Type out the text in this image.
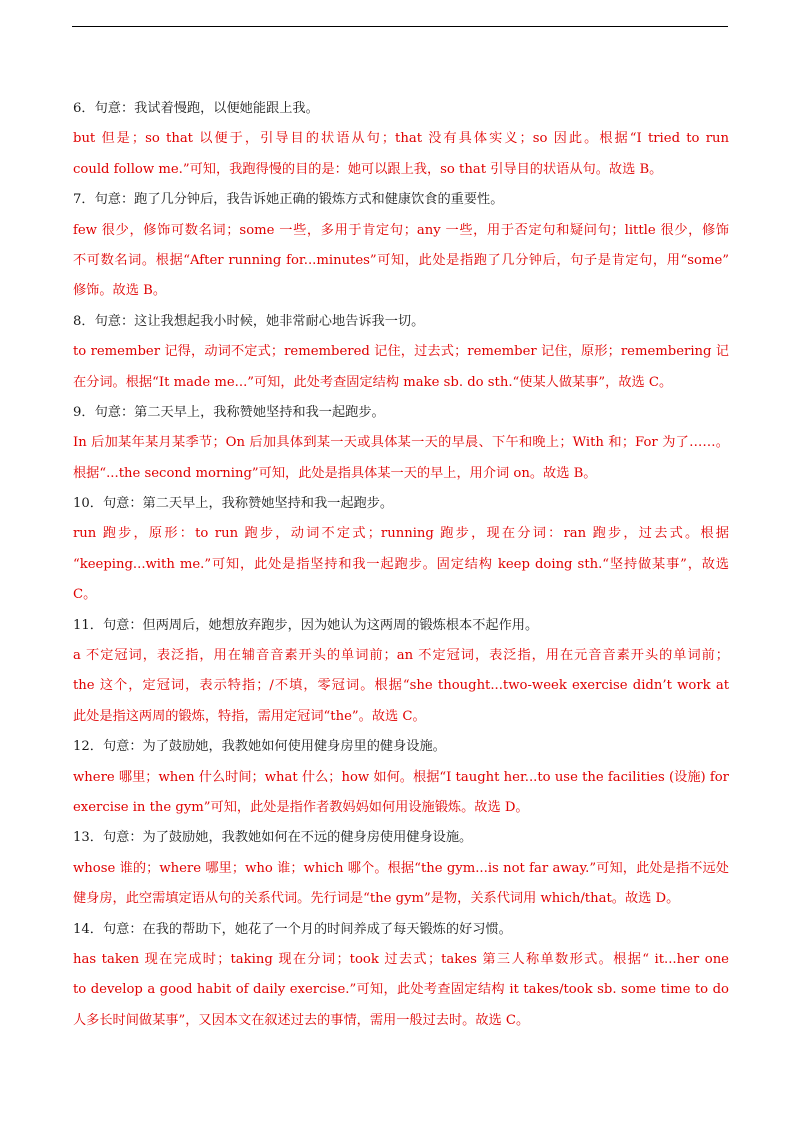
6．句意：我试着慢跑，以便她能跟上我。
but 但是；so that 以便于，引导目的状语从句；that 没有具体实义；so 因此。根据“I tried to run
could follow me.”可知，我跑得慢的目的是：她可以跟上我，so that 引导目的状语从句。故选 B。
7．句意：跑了几分钟后，我告诉她正确的锻炼方式和健康饮食的重要性。
few 很少，修饰可数名词；some 一些，多用于肯定句；any 一些，用于否定句和疑问句；little 很少，修饰
不可数名词。根据“After running for...minutes”可知，此处是指跑了几分钟后，句子是肯定句，用“some”
修饰。故选 B。
8．句意：这让我想起我小时候，她非常耐心地告诉我一切。
to remember 记得，动词不定式；remembered 记住，过去式；remember 记住，原形；remembering 记
在分词。根据“It made me...”可知，此处考查固定结构 make sb. do sth.“使某人做某事”，故选 C。
9．句意：第二天早上，我称赞她坚持和我一起跑步。
In 后加某年某月某季节；On 后加具体到某一天或具体某一天的早晨、下午和晚上；With 和；For 为了……。
根据“...the second morning”可知，此处是指具体某一天的早上，用介词 on。故选 B。
10．句意：第二天早上，我称赞她坚持和我一起跑步。
run 跑步，原形：to run 跑步，动词不定式；running 跑步，现在分词：ran 跑步，过去式。根据
“keeping...with me.”可知，此处是指坚持和我一起跑步。固定结构 keep doing sth.“坚持做某事”，故选
C。
11．句意：但两周后，她想放弃跑步，因为她认为这两周的锻炼根本不起作用。
a 不定冠词，表泛指，用在辅音音素开头的单词前；an 不定冠词，表泛指，用在元音音素开头的单词前；
the 这个，定冠词，表示特指；/不填，零冠词。根据“she thought...two-week exercise didn’t work at
此处是指这两周的锻炼，特指，需用定冠词“the”。故选 C。
12．句意：为了鼓励她，我教她如何使用健身房里的健身设施。
where 哪里；when 什么时间；what 什么；how 如何。根据“I taught her...to use the facilities (设施) for
exercise in the gym”可知，此处是指作者教妈妈如何用设施锻炼。故选 D。
13．句意：为了鼓励她，我教她如何在不远的健身房使用健身设施。
whose 谁的；where 哪里；who 谁；which 哪个。根据“the gym...is not far away.”可知，此处是指不远处
健身房，此空需填定语从句的关系代词。先行词是“the gym”是物，关系代词用 which/that。故选 D。
14．句意：在我的帮助下，她花了一个月的时间养成了每天锻炼的好习惯。
has taken 现在完成时；taking 现在分词；took 过去式；takes 第三人称单数形式。根据“ it...her one
to develop a good habit of daily exercise.”可知，此处考查固定结构 it takes/took sb. some time to do
人多长时间做某事”，又因本文在叙述过去的事情，需用一般过去时。故选 C。
